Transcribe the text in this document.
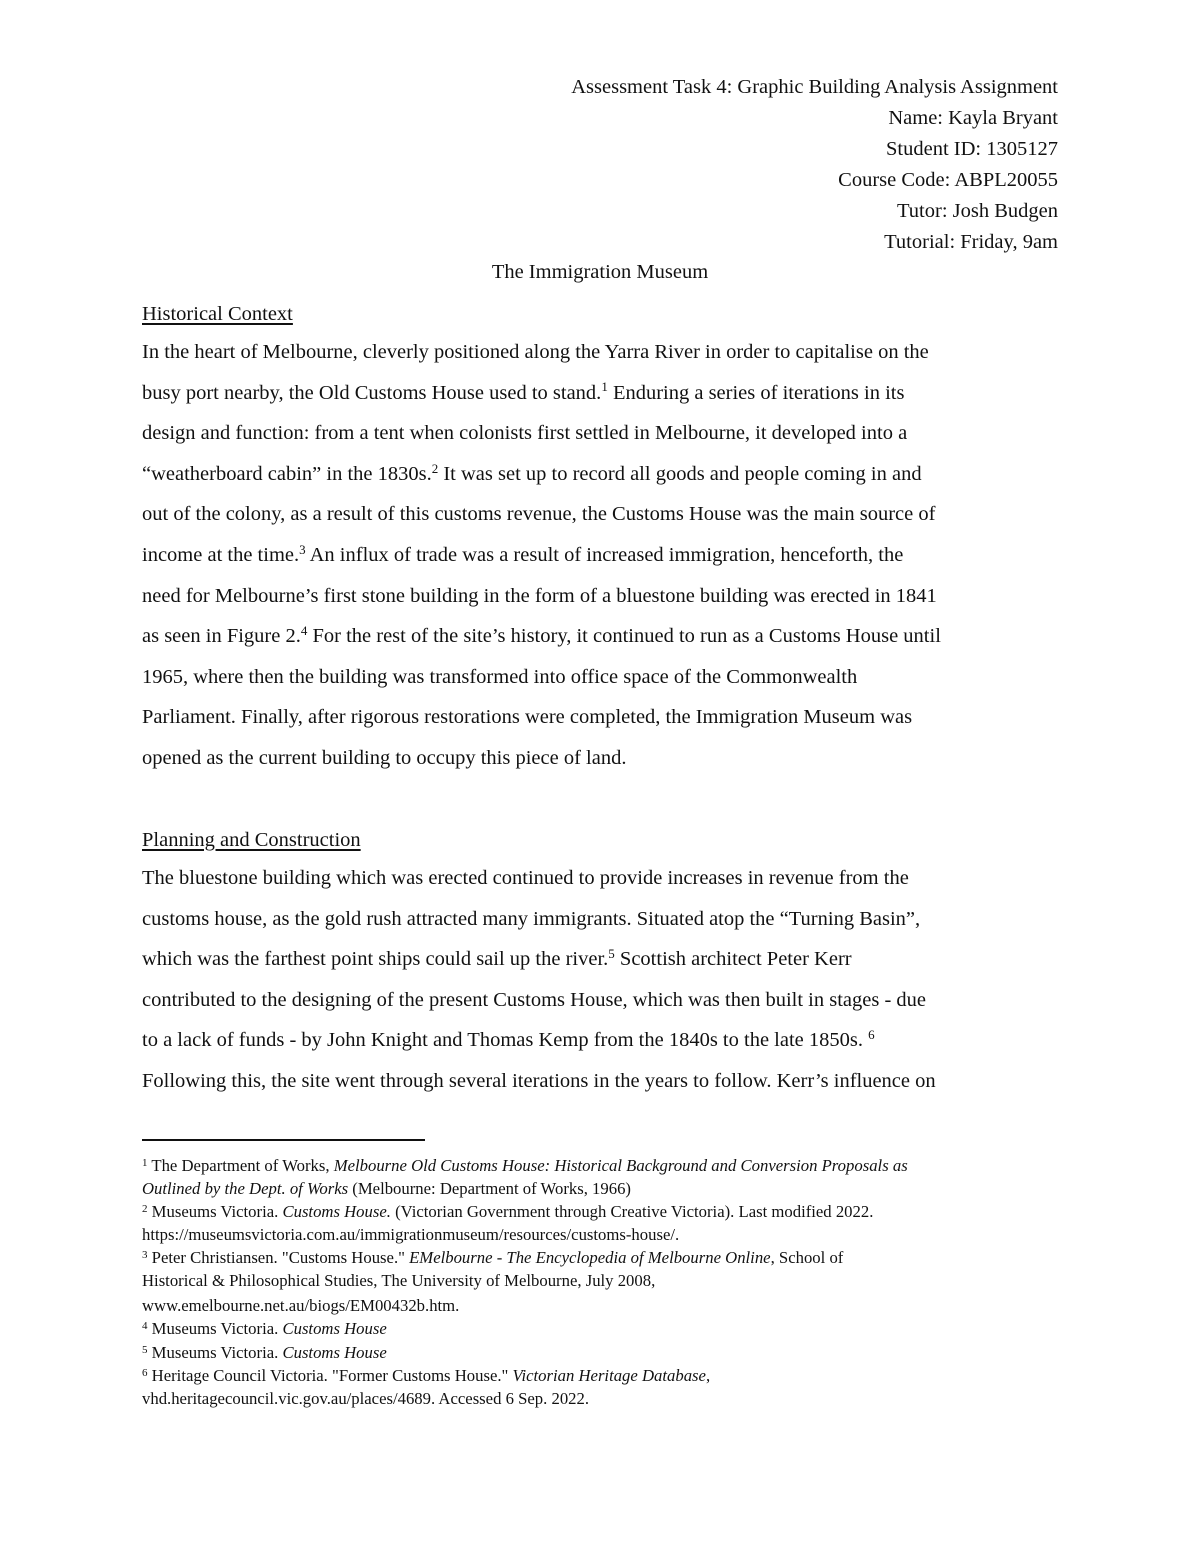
Assessment Task 4: Graphic Building Analysis Assignment
Name: Kayla Bryant
Student ID: 1305127
Course Code: ABPL20055
Tutor: Josh Budgen
Tutorial: Friday, 9am
The Immigration Museum
Historical Context
In the heart of Melbourne, cleverly positioned along the Yarra River in order to capitalise on the
busy port nearby, the Old Customs House used to stand.$^1$ Enduring a series of iterations in its
design and function: from a tent when colonists first settled in Melbourne, it developed into a
“weatherboard cabin” in the 1830s.$^2$ It was set up to record all goods and people coming in and
out of the colony, as a result of this customs revenue, the Customs House was the main source of
income at the time.$^3$ An influx of trade was a result of increased immigration, henceforth, the
need for Melbourne’s first stone building in the form of a bluestone building was erected in 1841
as seen in Figure 2.$^4$ For the rest of the site’s history, it continued to run as a Customs House until
1965, where then the building was transformed into office space of the Commonwealth
Parliament. Finally, after rigorous restorations were completed, the Immigration Museum was
opened as the current building to occupy this piece of land.
Planning and Construction
The bluestone building which was erected continued to provide increases in revenue from the
customs house, as the gold rush attracted many immigrants. Situated atop the “Turning Basin”,
which was the farthest point ships could sail up the river.$^5$ Scottish architect Peter Kerr
contributed to the designing of the present Customs House, which was then built in stages - due
to a lack of funds - by John Knight and Thomas Kemp from the 1840s to the late 1850s. $^6$
Following this, the site went through several iterations in the years to follow. Kerr’s influence on
$^1$ The Department of Works, Melbourne Old Customs House: Historical Background and Conversion Proposals as
Outlined by the Dept. of Works (Melbourne: Department of Works, 1966)
$^2$ Museums Victoria. Customs House. (Victorian Government through Creative Victoria). Last modified 2022.
https://museumsvictoria.com.au/immigrationmuseum/resources/customs-house/.
$^3$ Peter Christiansen. "Customs House." EMelbourne - The Encyclopedia of Melbourne Online, School of
Historical & Philosophical Studies, The University of Melbourne, July 2008,
www.emelbourne.net.au/biogs/EM00432b.htm.
$^4$ Museums Victoria. Customs House
$^5$ Museums Victoria. Customs House
$^6$ Heritage Council Victoria. "Former Customs House." Victorian Heritage Database,
vhd.heritagecouncil.vic.gov.au/places/4689. Accessed 6 Sep. 2022.
